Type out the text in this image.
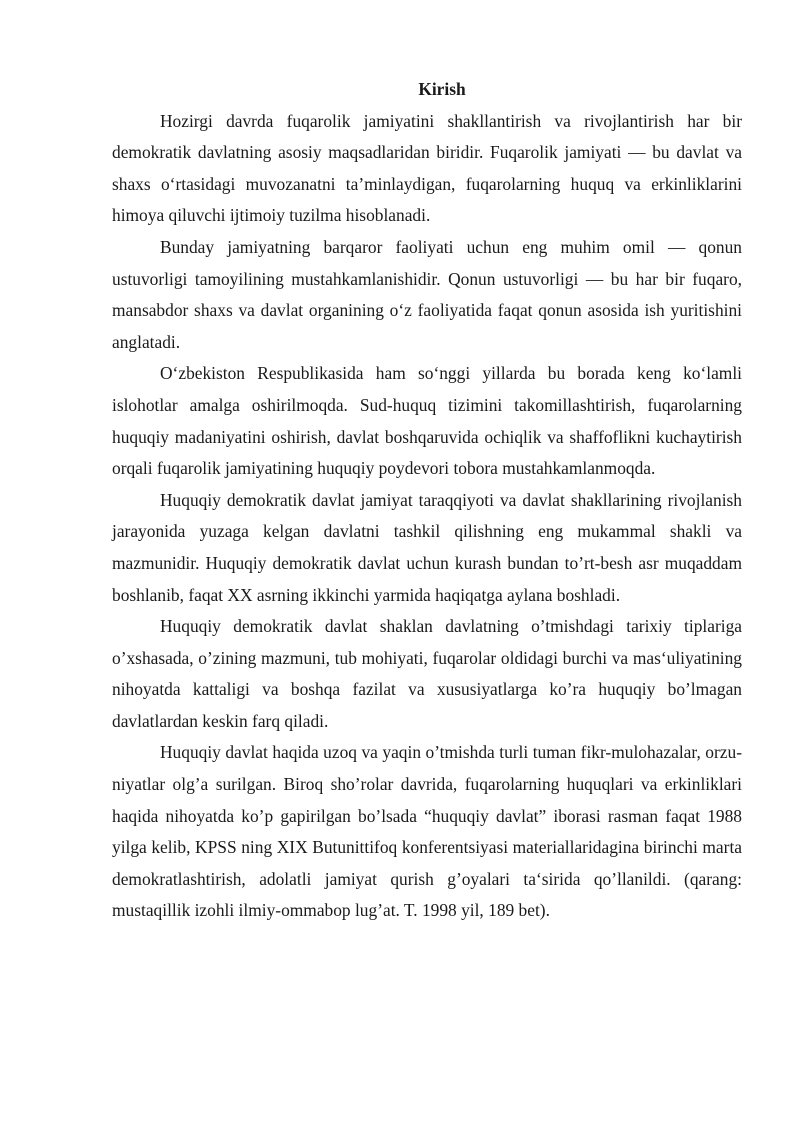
Kirish

Hozirgi davrda fuqarolik jamiyatini shakllantirish va rivojlantirish har bir demokratik davlatning asosiy maqsadlaridan biridir. Fuqarolik jamiyati — bu davlat va shaxs o‘rtasidagi muvozanatni ta’minlaydigan, fuqarolarning huquq va erkinliklarini himoya qiluvchi ijtimoiy tuzilma hisoblanadi.

Bunday jamiyatning barqaror faoliyati uchun eng muhim omil — qonun ustuvorligi tamoyilining mustahkamlanishidir. Qonun ustuvorligi — bu har bir fuqaro, mansabdor shaxs va davlat organining o‘z faoliyatida faqat qonun asosida ish yuritishini anglatadi.

O‘zbekiston Respublikasida ham so‘nggi yillarda bu borada keng ko‘lamli islohotlar amalga oshirilmoqda. Sud-huquq tizimini takomillashtirish, fuqarolarning huquqiy madaniyatini oshirish, davlat boshqaruvida ochiqlik va shaffoflikni kuchaytirish orqali fuqarolik jamiyatining huquqiy poydevori tobora mustahkamlanmoqda.

Huquqiy demokratik davlat jamiyat taraqqiyoti va davlat shakllarining rivojlanish jarayonida yuzaga kelgan davlatni tashkil qilishning eng mukammal shakli va mazmunidir. Huquqiy demokratik davlat uchun kurash bundan to’rt-besh asr muqaddam boshlanib, faqat XX asrning ikkinchi yarmida haqiqatga aylana boshladi.

Huquqiy demokratik davlat shaklan davlatning o’tmishdagi tarixiy tiplariga o’xshasada, o’zining mazmuni, tub mohiyati, fuqarolar oldidagi burchi va mas‘uliyatining nihoyatda kattaligi va boshqa fazilat va xususiyatlarga ko’ra huquqiy bo’lmagan davlatlardan keskin farq qiladi.

Huquqiy davlat haqida uzoq va yaqin o’tmishda turli tuman fikr-mulohazalar, orzu-niyatlar olg’a surilgan. Biroq sho’rolar davrida, fuqarolarning huquqlari va erkinliklari haqida nihoyatda ko’p gapirilgan bo’lsada “huquqiy davlat” iborasi rasman faqat 1988 yilga kelib, KPSS ning XIX Butunittifoq konferentsiyasi materiallaridagina birinchi marta demokratlashtirish, adolatli jamiyat qurish g’oyalari ta‘sirida qo’llanildi. (qarang: mustaqillik izohli ilmiy-ommabop lug’at. T. 1998 yil, 189 bet).
